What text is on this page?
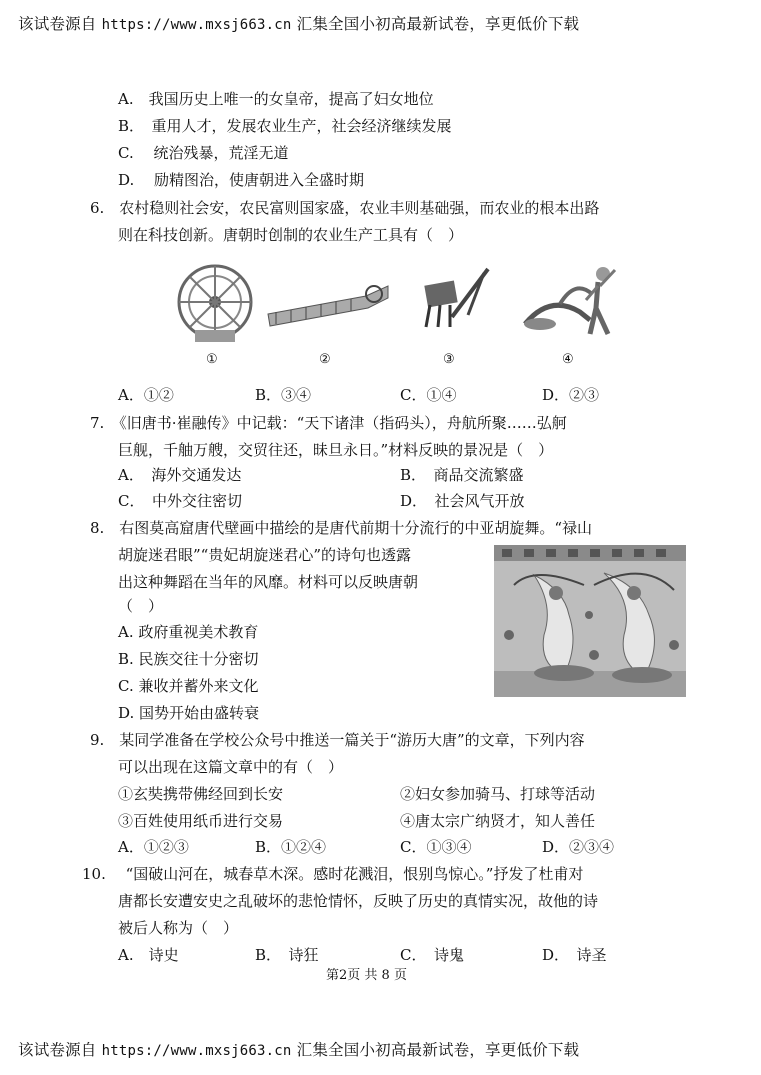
该试卷源自 https://www.mxsj663.cn 汇集全国小初高最新试卷，享更低价下载
A.　我国历史上唯一的女皇帝，提高了妇女地位
B．　重用人才，发展农业生产，社会经济继续发展
C.　 统治残暴，荒淫无道
D.　 励精图治，使唐朝进入全盛时期
6.　农村稳则社会安，农民富则国家盛，农业丰则基础强，而农业的根本出路
则在科技创新。唐朝时创制的农业生产工具有（　）
①	②	③	④
A．①②	B．③④	C．①④	D．②③
7.　《旧唐书·崔融传》中记载：“天下诸津（指码头），舟航所聚……弘舸
巨舰，千舳万艘，交贸往还，昧旦永日。”材料反映的景况是（　）
A．　海外交通发达	B．　商品交流繁盛
C．　中外交往密切	D．　社会风气开放
8.　右图莫高窟唐代壁画中描绘的是唐代前期十分流行的中亚胡旋舞。“禄山
胡旋迷君眼”“贵妃胡旋迷君心”的诗句也透露
出这种舞蹈在当年的风靡。材料可以反映唐朝
（　）
A. 政府重视美术教育
B. 民族交往十分密切
C. 兼收并蓄外来文化
D. 国势开始由盛转衰
9.　某同学准备在学校公众号中推送一篇关于“游历大唐”的文章，下列内容
可以出现在这篇文章中的有（　）
①玄奘携带佛经回到长安	②妇女参加骑马、打球等活动
③百姓使用纸币进行交易	④唐太宗广纳贤才，知人善任
A．①②③	B．①②④	C．①③④	D．②③④
10.　 “国破山河在，城春草木深。感时花溅泪，恨别鸟惊心。”抒发了杜甫对
唐都长安遭安史之乱破坏的悲怆情怀，反映了历史的真情实况，故他的诗
被后人称为（　）
A.　诗史	B．　诗狂	C．　诗鬼	D．　诗圣
第2页 共 8 页
该试卷源自 https://www.mxsj663.cn 汇集全国小初高最新试卷，享更低价下载
